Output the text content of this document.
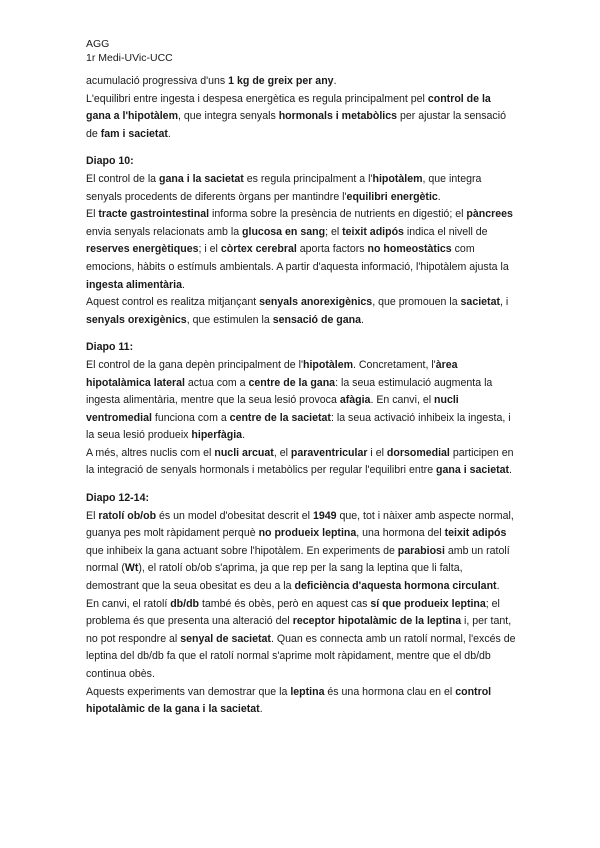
AGG
1r Medi-UVic-UCC

acumulació progressiva d'uns 1 kg de greix per any.

L'equilibri entre ingesta i despesa energètica es regula principalment pel control de la gana a l'hipotàlem, que integra senyals hormonals i metabòlics per ajustar la sensació de fam i sacietat.

Diapo 10:

El control de la gana i la sacietat es regula principalment a l'hipotàlem, que integra senyals procedents de diferents òrgans per mantindre l'equilibri energètic.

El tracte gastrointestinal informa sobre la presència de nutrients en digestió; el pàncrees envia senyals relacionats amb la glucosa en sang; el teixit adipós indica el nivell de reserves energètiques; i el còrtex cerebral aporta factors no homeostàtics com emocions, hàbits o estímuls ambientals. A partir d'aquesta informació, l'hipotàlem ajusta la ingesta alimentària.

Aquest control es realitza mitjançant senyals anorexigènics, que promouen la sacietat, i senyals orexigènics, que estimulen la sensació de gana.

Diapo 11:

El control de la gana depèn principalment de l'hipotàlem. Concretament, l'àrea hipotalàmica lateral actua com a centre de la gana: la seua estimulació augmenta la ingesta alimentària, mentre que la seua lesió provoca afàgia. En canvi, el nucli ventromedial funciona com a centre de la sacietat: la seua activació inhibeix la ingesta, i la seua lesió produeix hiperfàgia.

A més, altres nuclis com el nucli arcuat, el paraventricular i el dorsomedial participen en la integració de senyals hormonals i metabòlics per regular l'equilibri entre gana i sacietat.

Diapo 12-14:

El ratolí ob/ob és un model d'obesitat descrit el 1949 que, tot i nàixer amb aspecte normal, guanya pes molt ràpidament perquè no produeix leptina, una hormona del teixit adipós que inhibeix la gana actuant sobre l'hipotàlem. En experiments de parabiosi amb un ratolí normal (Wt), el ratolí ob/ob s'aprima, ja que rep per la sang la leptina que li falta, demostrant que la seua obesitat es deu a la deficiència d'aquesta hormona circulant.

En canvi, el ratolí db/db també és obès, però en aquest cas sí que produeix leptina; el problema és que presenta una alteració del receptor hipotalàmic de la leptina i, per tant, no pot respondre al senyal de sacietat. Quan es connecta amb un ratolí normal, l'excés de leptina del db/db fa que el ratolí normal s'aprime molt ràpidament, mentre que el db/db continua obès.

Aquests experiments van demostrar que la leptina és una hormona clau en el control hipotalàmic de la gana i la sacietat.
